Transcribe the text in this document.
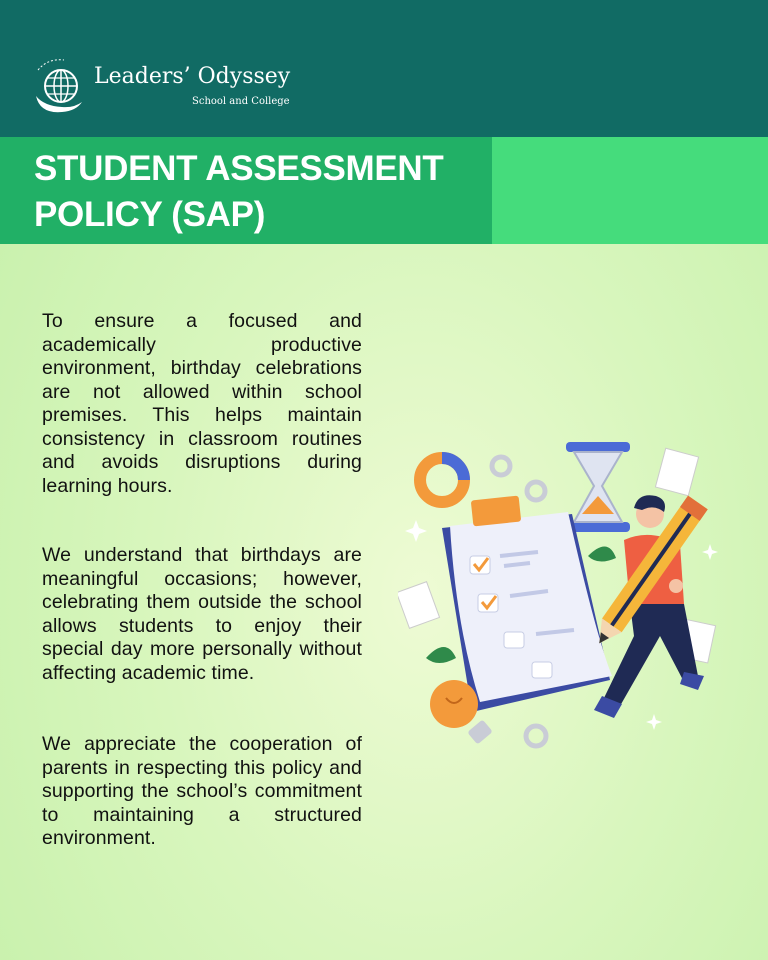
Leaders’ Odyssey
School and College
STUDENT ASSESSMENT POLICY (SAP)

To ensure a focused and academically productive environment, birthday celebrations are not allowed within school premises. This helps maintain consistency in classroom routines and avoids disruptions during learning hours.

We understand that birthdays are meaningful occasions; however, celebrating them outside the school allows students to enjoy their special day more personally without affecting academic time.

We appreciate the cooperation of parents in respecting this policy and supporting the school’s commitment to maintaining a structured environment.
